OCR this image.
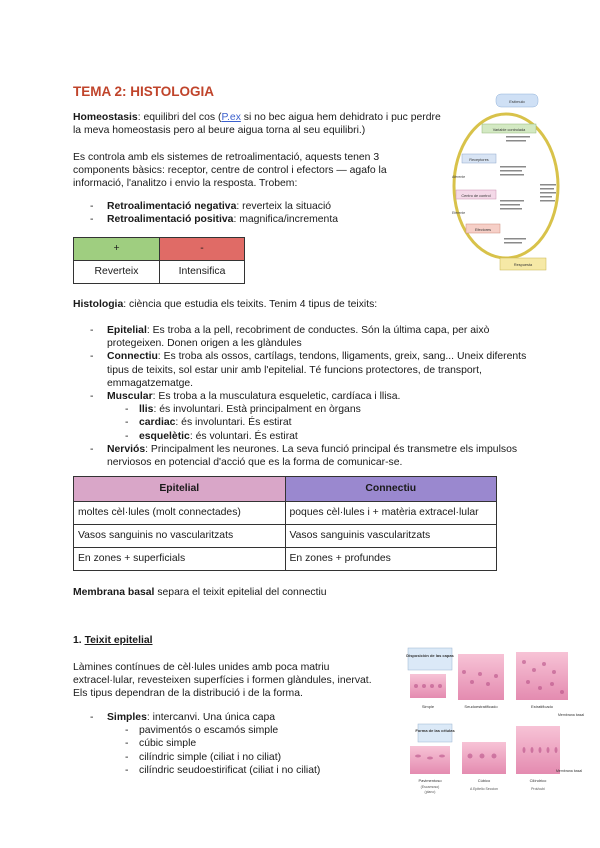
TEMA 2: HISTOLOGIA

Homeostasis: equilibri del cos (P.ex si no bec aigua hem dehidrato i puc perdre la meva homeostasis pero al beure aigua torna al seu equilibri.)

Es controla amb els sistemes de retroalimentació, aquests tenen 3 components bàsics: receptor, centre de control i efectors — agafo la informació, l'analitzo i envio la resposta. Trobem:

- Retroalimentació negativa: reverteix la situació
- Retroalimentació positiva: magnifica/incrementa
+	-
Reverteix	Intensifica

Histologia: ciència que estudia els teixits. Tenim 4 tipus de teixits:

- Epitelial: Es troba a la pell, recobriment de conductes. Són la última capa, per això protegeixen. Donen origen a les glàndules
- Connectiu: Es troba als ossos, cartílags, tendons, lligaments, greix, sang... Uneix diferents tipus de teixits, sol estar unir amb l'epitelial. Té funcions protectores, de transport, emmagatzematge.
- Muscular: Es troba a la musculatura esqueletic, cardíaca i llisa.
- llis: és involuntari. Està principalment en òrgans
- cardiac: és involuntari. És estirat
- esquelètic: és voluntari. És estirat
- Nerviós: Principalment les neurones. La seva funció principal és transmetre els impulsos nerviosos en potencial d'acció que es la forma de comunicar-se.
Epitelial	Connectiu
moltes cèl·lules (molt connectades)	poques cèl·lules i + matèria extracel·lular
Vasos sanguinis no vascularitzats	Vasos sanguinis vascularitzats
En zones + superficials	En zones + profundes

Membrana basal separa el teixit epitelial del connectiu

1. Teixit epitelial

Làmines contínues de cèl·lules unides amb poca matriu extracel·lular, revesteixen superfícies i formen glàndules, inervat. Els tipus dependran de la distribució i de la forma.

- Simples: intercanvi. Una única capa
- pavimentós o escamós simple
- cúbic simple
- cilíndric simple (ciliat i no ciliat)
- cilíndric seudoestirificat (ciliat i no ciliat)
Estímulo
Variable controlada
Receptores
Centro de control
Efectores
Respuesta
Aferente
Eferente
Disposición de las capas
Simple	Seudoestratificado	Estratificado
Membrana basal
Forma de las células
Pavimentoso	Cúbico	Cilíndrico
Membrana basal
(Escamoso)
(plano)
A Epitelio Seccion	Prot/cubi
